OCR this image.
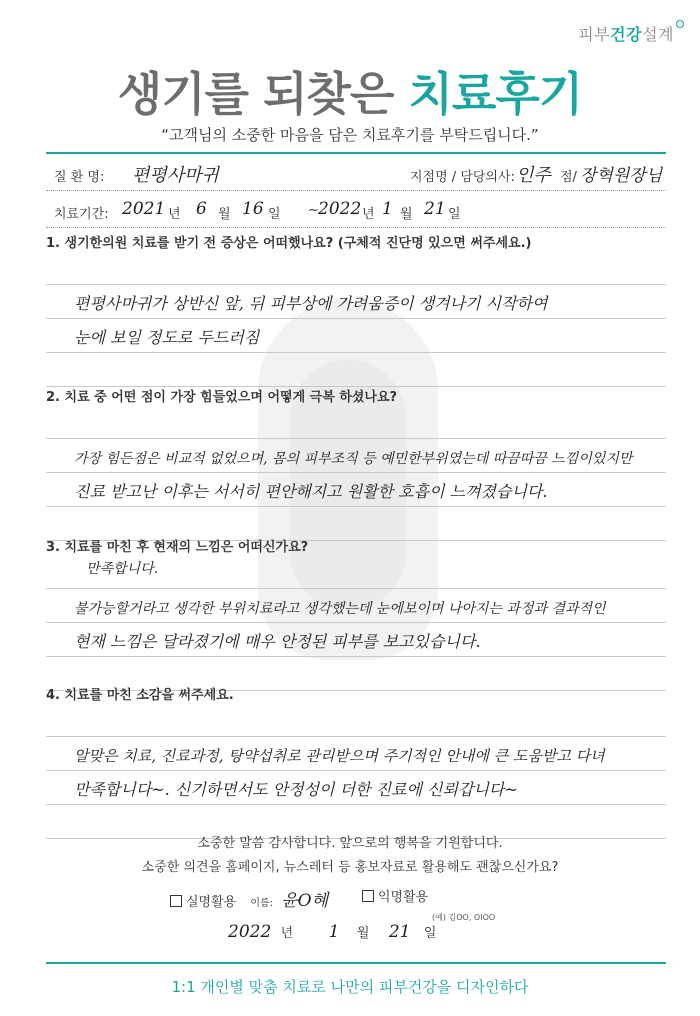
피부건강설계
생기를 되찾은 치료후기
“고객님의 소중한 마음을 담은 치료후기를 부탁드립니다.”
질 환 명: 편평사마귀	지점명 / 담당의사: 인주 점/ 장혁원장님
치료기간: 2021 년 6 월 16 일 ~ 2022 년 1 월 21 일
1. 생기한의원 치료를 받기 전 증상은 어떠했나요? (구체적 진단명 있으면 써주세요.)
편평사마귀가 상반신 앞, 뒤 피부상에 가려움증이 생겨나기 시작하여
눈에 보일 정도로 두드러짐
2. 치료 중 어떤 점이 가장 힘들었으며 어떻게 극복 하셨나요?
가장 힘든점은 비교적 없었으며, 몸의 피부조직 등 예민한부위였는데 따끔따끔 느낌이있지만
진료 받고난 이후는 서서히 편안해지고 원활한 호흡이 느껴졌습니다.
3. 치료를 마친 후 현재의 느낌은 어떠신가요?
만족합니다.
불가능할거라고 생각한 부위치료라고 생각했는데 눈에보이며 나아지는 과정과 결과적인
현재 느낌은 달라졌기에 매우 안정된 피부를 보고있습니다.
4. 치료를 마친 소감을 써주세요.
알맞은 치료, 진료과정, 탕약섭취로 관리받으며 주기적인 안내에 큰 도움받고 다녀
만족합니다~. 신기하면서도 안정성이 더한 진료에 신뢰갑니다~
소중한 말씀 감사합니다. 앞으로의 행복을 기원합니다.
소중한 의견을 홈페이지, 뉴스레터 등 홍보자료로 활용해도 괜찮으신가요?
실명활용 이름: 윤O혜	익명활용
(예) 김OO, OIOO
2022 년 1 월 21 일
1:1 개인별 맞춤 치료로 나만의 피부건강을 디자인하다
